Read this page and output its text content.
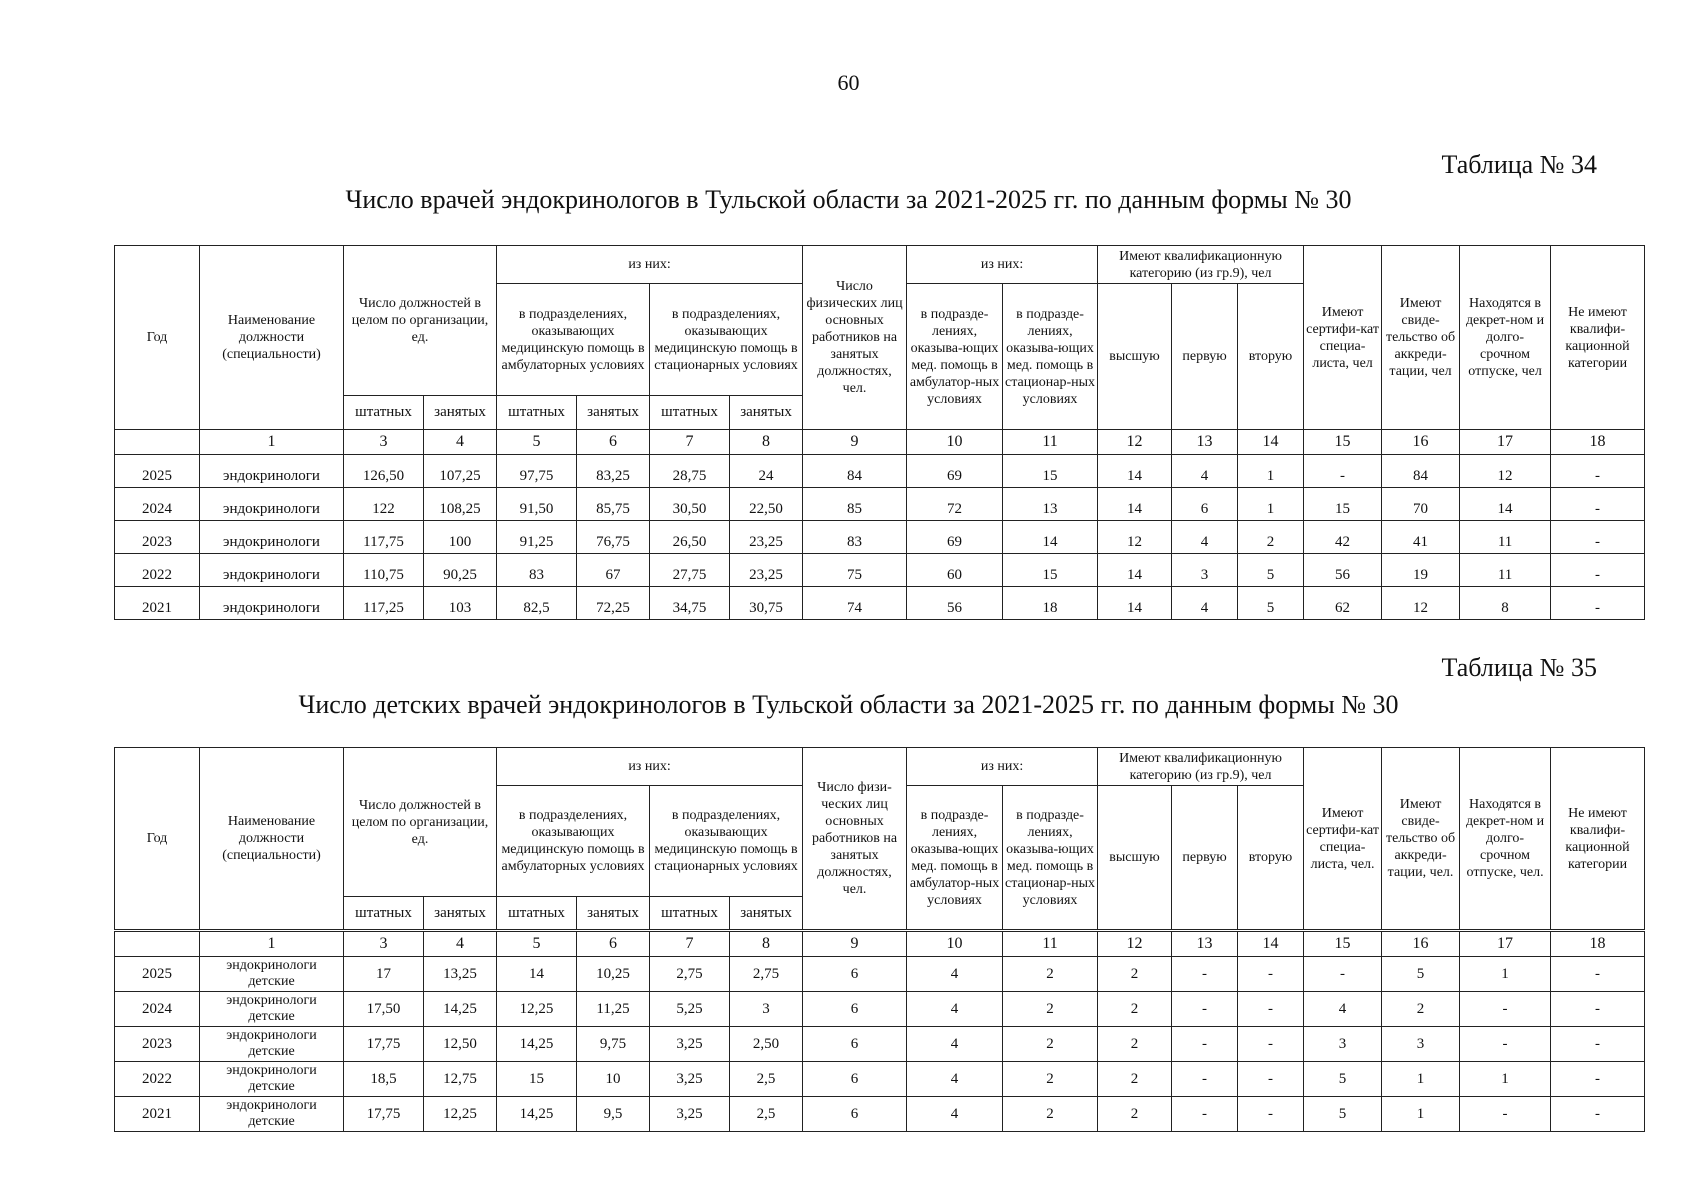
60
Таблица № 34
Число врачей эндокринологов в Тульской области за 2021-2025 гг. по данным формы № 30
Год	Наименование должности (специальности)	Число должностей в целом по организации, ед.		из них:				Число физических лиц основных работников на занятых должностях, чел.	из них:		Имеют квалификационную категорию (из гр.9), чел			Имеют сертифи-кат специа-листа, чел	Имеют свиде-тельство об аккреди-тации, чел	Находятся в декрет-ном и долго-срочном отпуске, чел	Не имеют квалифи-кационной категории
				в подразделениях, оказывающих медицинскую помощь в амбулаторных условиях		в подразделениях, оказывающих медицинскую помощь в стационарных условиях			в подразде-лениях, оказыва-ющих мед. помощь в амбулатор-ных условиях	в подразде-лениях, оказыва-ющих мед. помощь в стационар-ных условиях	высшую	первую	вторую				
		штатных	занятых	штатных	занятых	штатных	занятых										
	1	3	4	5	6	7	8	9	10	11	12	13	14	15	16	17	18
2025	эндокринологи	126,50	107,25	97,75	83,25	28,75	24	84	69	15	14	4	1	-	84	12	-
2024	эндокринологи	122	108,25	91,50	85,75	30,50	22,50	85	72	13	14	6	1	15	70	14	-
2023	эндокринологи	117,75	100	91,25	76,75	26,50	23,25	83	69	14	12	4	2	42	41	11	-
2022	эндокринологи	110,75	90,25	83	67	27,75	23,25	75	60	15	14	3	5	56	19	11	-
2021	эндокринологи	117,25	103	82,5	72,25	34,75	30,75	74	56	18	14	4	5	62	12	8	-
Таблица № 35
Число детских врачей эндокринологов в Тульской области за 2021-2025 гг. по данным формы № 30
Год	Наименование должности (специальности)	Число должностей в целом по организации, ед.		из них:				Число физи-ческих лиц основных работников на занятых должностях, чел.	из них:		Имеют квалификационную категорию (из гр.9), чел			Имеют сертифи-кат специа-листа, чел.	Имеют свиде-тельство об аккреди-тации, чел.	Находятся в декрет-ном и долго-срочном отпуске, чел.	Не имеют квалифи-кационной категории
				в подразделениях, оказывающих медицинскую помощь в амбулаторных условиях		в подразделениях, оказывающих медицинскую помощь в стационарных условиях			в подразде-лениях, оказыва-ющих мед. помощь в амбулатор-ных условиях	в подразде-лениях, оказыва-ющих мед. помощь в стационар-ных условиях	высшую	первую	вторую				
		штатных	занятых	штатных	занятых	штатных	занятых										
	1	3	4	5	6	7	8	9	10	11	12	13	14	15	16	17	18
2025	эндокринологи детские	17	13,25	14	10,25	2,75	2,75	6	4	2	2	-	-	-	5	1	-
2024	эндокринологи детские	17,50	14,25	12,25	11,25	5,25	3	6	4	2	2	-	-	4	2	-	-
2023	эндокринологи детские	17,75	12,50	14,25	9,75	3,25	2,50	6	4	2	2	-	-	3	3	-	-
2022	эндокринологи детские	18,5	12,75	15	10	3,25	2,5	6	4	2	2	-	-	5	1	1	-
2021	эндокринологи детские	17,75	12,25	14,25	9,5	3,25	2,5	6	4	2	2	-	-	5	1	-	-
